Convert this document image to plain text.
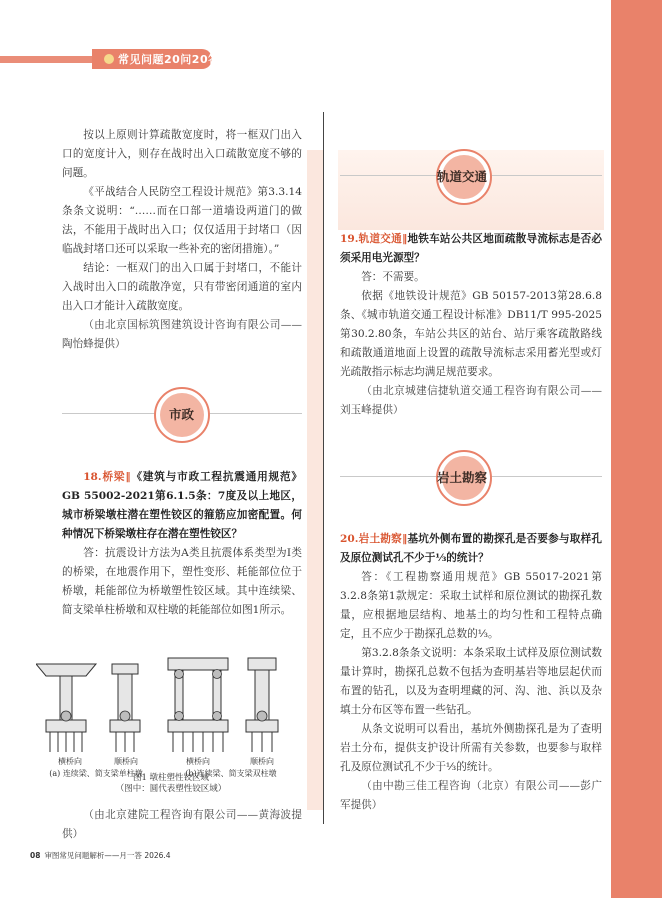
常见问题20问20答

按以上原则计算疏散宽度时，将一框双门出入口的宽度计入，则存在战时出入口疏散宽度不够的问题。

《平战结合人民防空工程设计规范》第3.3.14条条文说明：“……而在口部一道墙设两道门的做法，不能用于战时出入口；仅仅适用于封堵口（因临战封堵口还可以采取一些补充的密闭措施）。”

结论：一框双门的出入口属于封堵口，不能计入战时出入口的疏散净宽，只有带密闭通道的室内出入口才能计入疏散宽度。

（由北京国标筑图建筑设计咨询有限公司——陶怡蜂提供）

市政

18.桥梁‖《建筑与市政工程抗震通用规范》GB 55002-2021第6.1.5条：7度及以上地区，城市桥梁墩柱潜在塑性铰区的箍筋应加密配置。何种情况下桥梁墩柱存在潜在塑性铰区？

答：抗震设计方法为A类且抗震体系类型为Ⅰ类的桥梁，在地震作用下，塑性变形、耗能部位位于桥墩，耗能部位为桥墩塑性铰区域。其中连续梁、简支梁单柱桥墩和双柱墩的耗能部位如图1所示。

横桥向	顺桥向	横桥向	顺桥向
(a) 连续梁、简支梁单柱墩	(b)连续梁、简支梁双柱墩
图1 墩柱塑性铰区域
（图中：圆代表塑性铰区域）

（由北京建院工程咨询有限公司——黄海波提供）

轨道交通

19.轨道交通‖地铁车站公共区地面疏散导流标志是否必须采用电光源型？

答：不需要。

依据《地铁设计规范》GB 50157-2013第28.6.8条、《城市轨道交通工程设计标准》DB11/T 995-2025第30.2.80条，车站公共区的站台、站厅乘客疏散路线和疏散通道地面上设置的疏散导流标志采用蓄光型或灯光疏散指示标志均满足规范要求。

（由北京城建信捷轨道交通工程咨询有限公司——刘玉峰提供）

岩土勘察

20.岩土勘察‖基坑外侧布置的勘探孔是否要参与取样孔及原位测试孔不少于⅓的统计？

答：《工程勘察通用规范》GB 55017-2021第3.2.8条第1款规定：采取土试样和原位测试的勘探孔数量，应根据地层结构、地基土的均匀性和工程特点确定，且不应少于勘探孔总数的⅓。

第3.2.8条条文说明：本条采取土试样及原位测试数量计算时，勘探孔总数不包括为查明基岩等地层起伏而布置的钻孔，以及为查明埋藏的河、沟、池、浜以及杂填土分布区等布置一些钻孔。

从条文说明可以看出，基坑外侧勘探孔是为了查明岩土分布，提供支护设计所需有关参数，也要参与取样孔及原位测试孔不少于⅓的统计。

（由中勘三佳工程咨询（北京）有限公司——彭广军提供）

08 审图常见问题解析——月一答 2026.4
